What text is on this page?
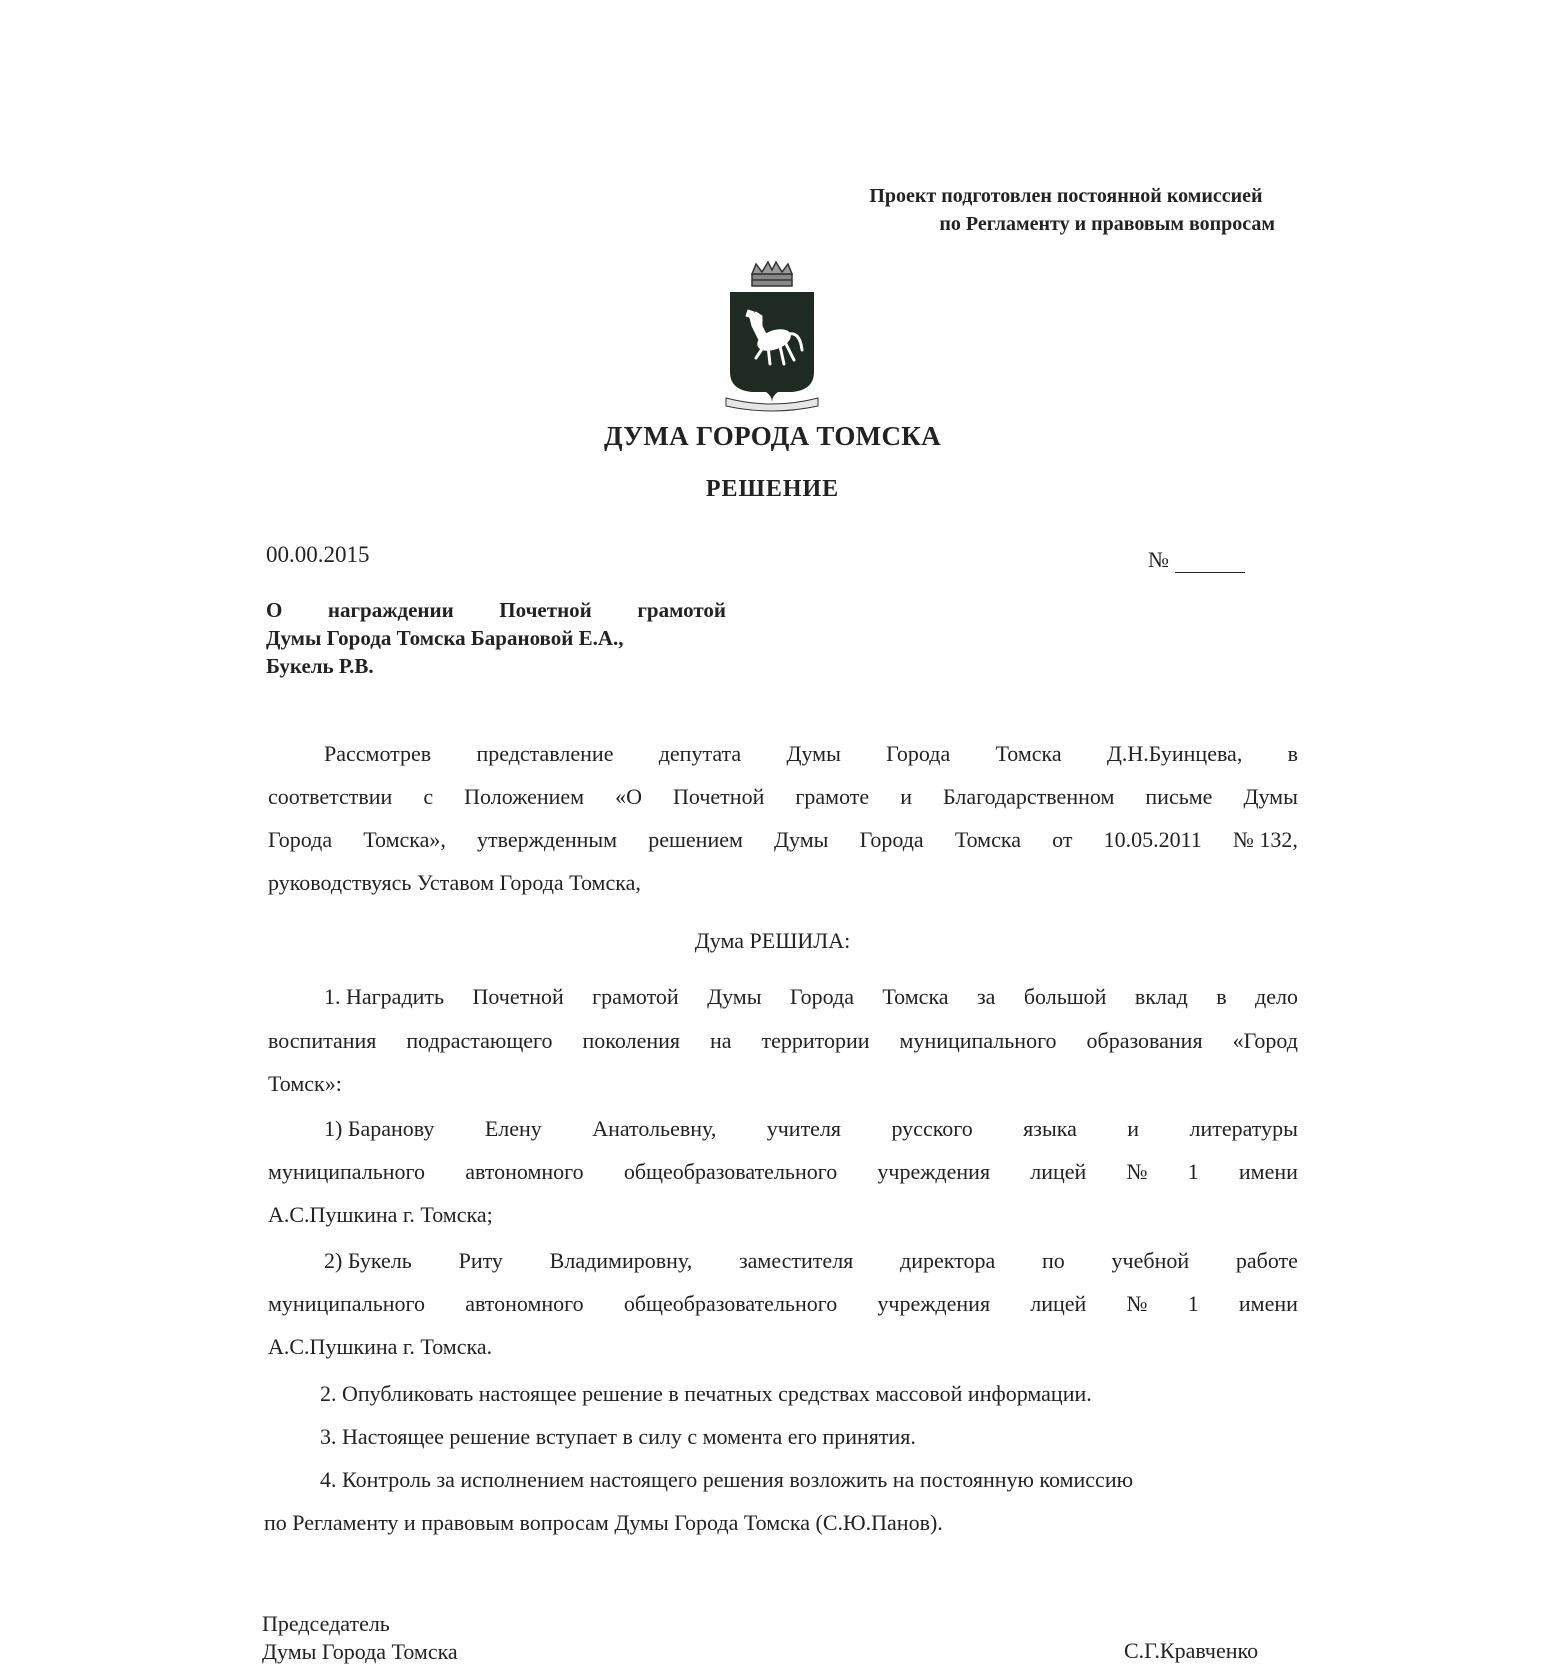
Проект подготовлен постоянной комиссией
по Регламенту и правовым вопросам
ДУМА ГОРОДА ТОМСКА
РЕШЕНИЕ
00.00.2015	№
О награждении Почетной грамотой
Думы Города Томска Барановой Е.А.,
Букель Р.В.
Рассмотрев представление депутата Думы Города Томска Д.Н.Буинцева, в
соответствии с Положением «О Почетной грамоте и Благодарственном письме Думы
Города Томска», утвержденным решением Думы Города Томска от 10.05.2011 № 132,
руководствуясь Уставом Города Томска,
Дума РЕШИЛА:
1. Наградить Почетной грамотой Думы Города Томска за большой вклад в дело
воспитания подрастающего поколения на территории муниципального образования «Город
Томск»:
1) Баранову Елену Анатольевну, учителя русского языка и литературы
муниципального автономного общеобразовательного учреждения лицей № 1 имени
А.С.Пушкина г. Томска;
2) Букель Риту Владимировну, заместителя директора по учебной работе
муниципального автономного общеобразовательного учреждения лицей № 1 имени
А.С.Пушкина г. Томска.
2. Опубликовать настоящее решение в печатных средствах массовой информации.
3. Настоящее решение вступает в силу с момента его принятия.
4. Контроль за исполнением настоящего решения возложить на постоянную комиссию
по Регламенту и правовым вопросам Думы Города Томска (С.Ю.Панов).
Председатель
Думы Города Томска	С.Г.Кравченко
